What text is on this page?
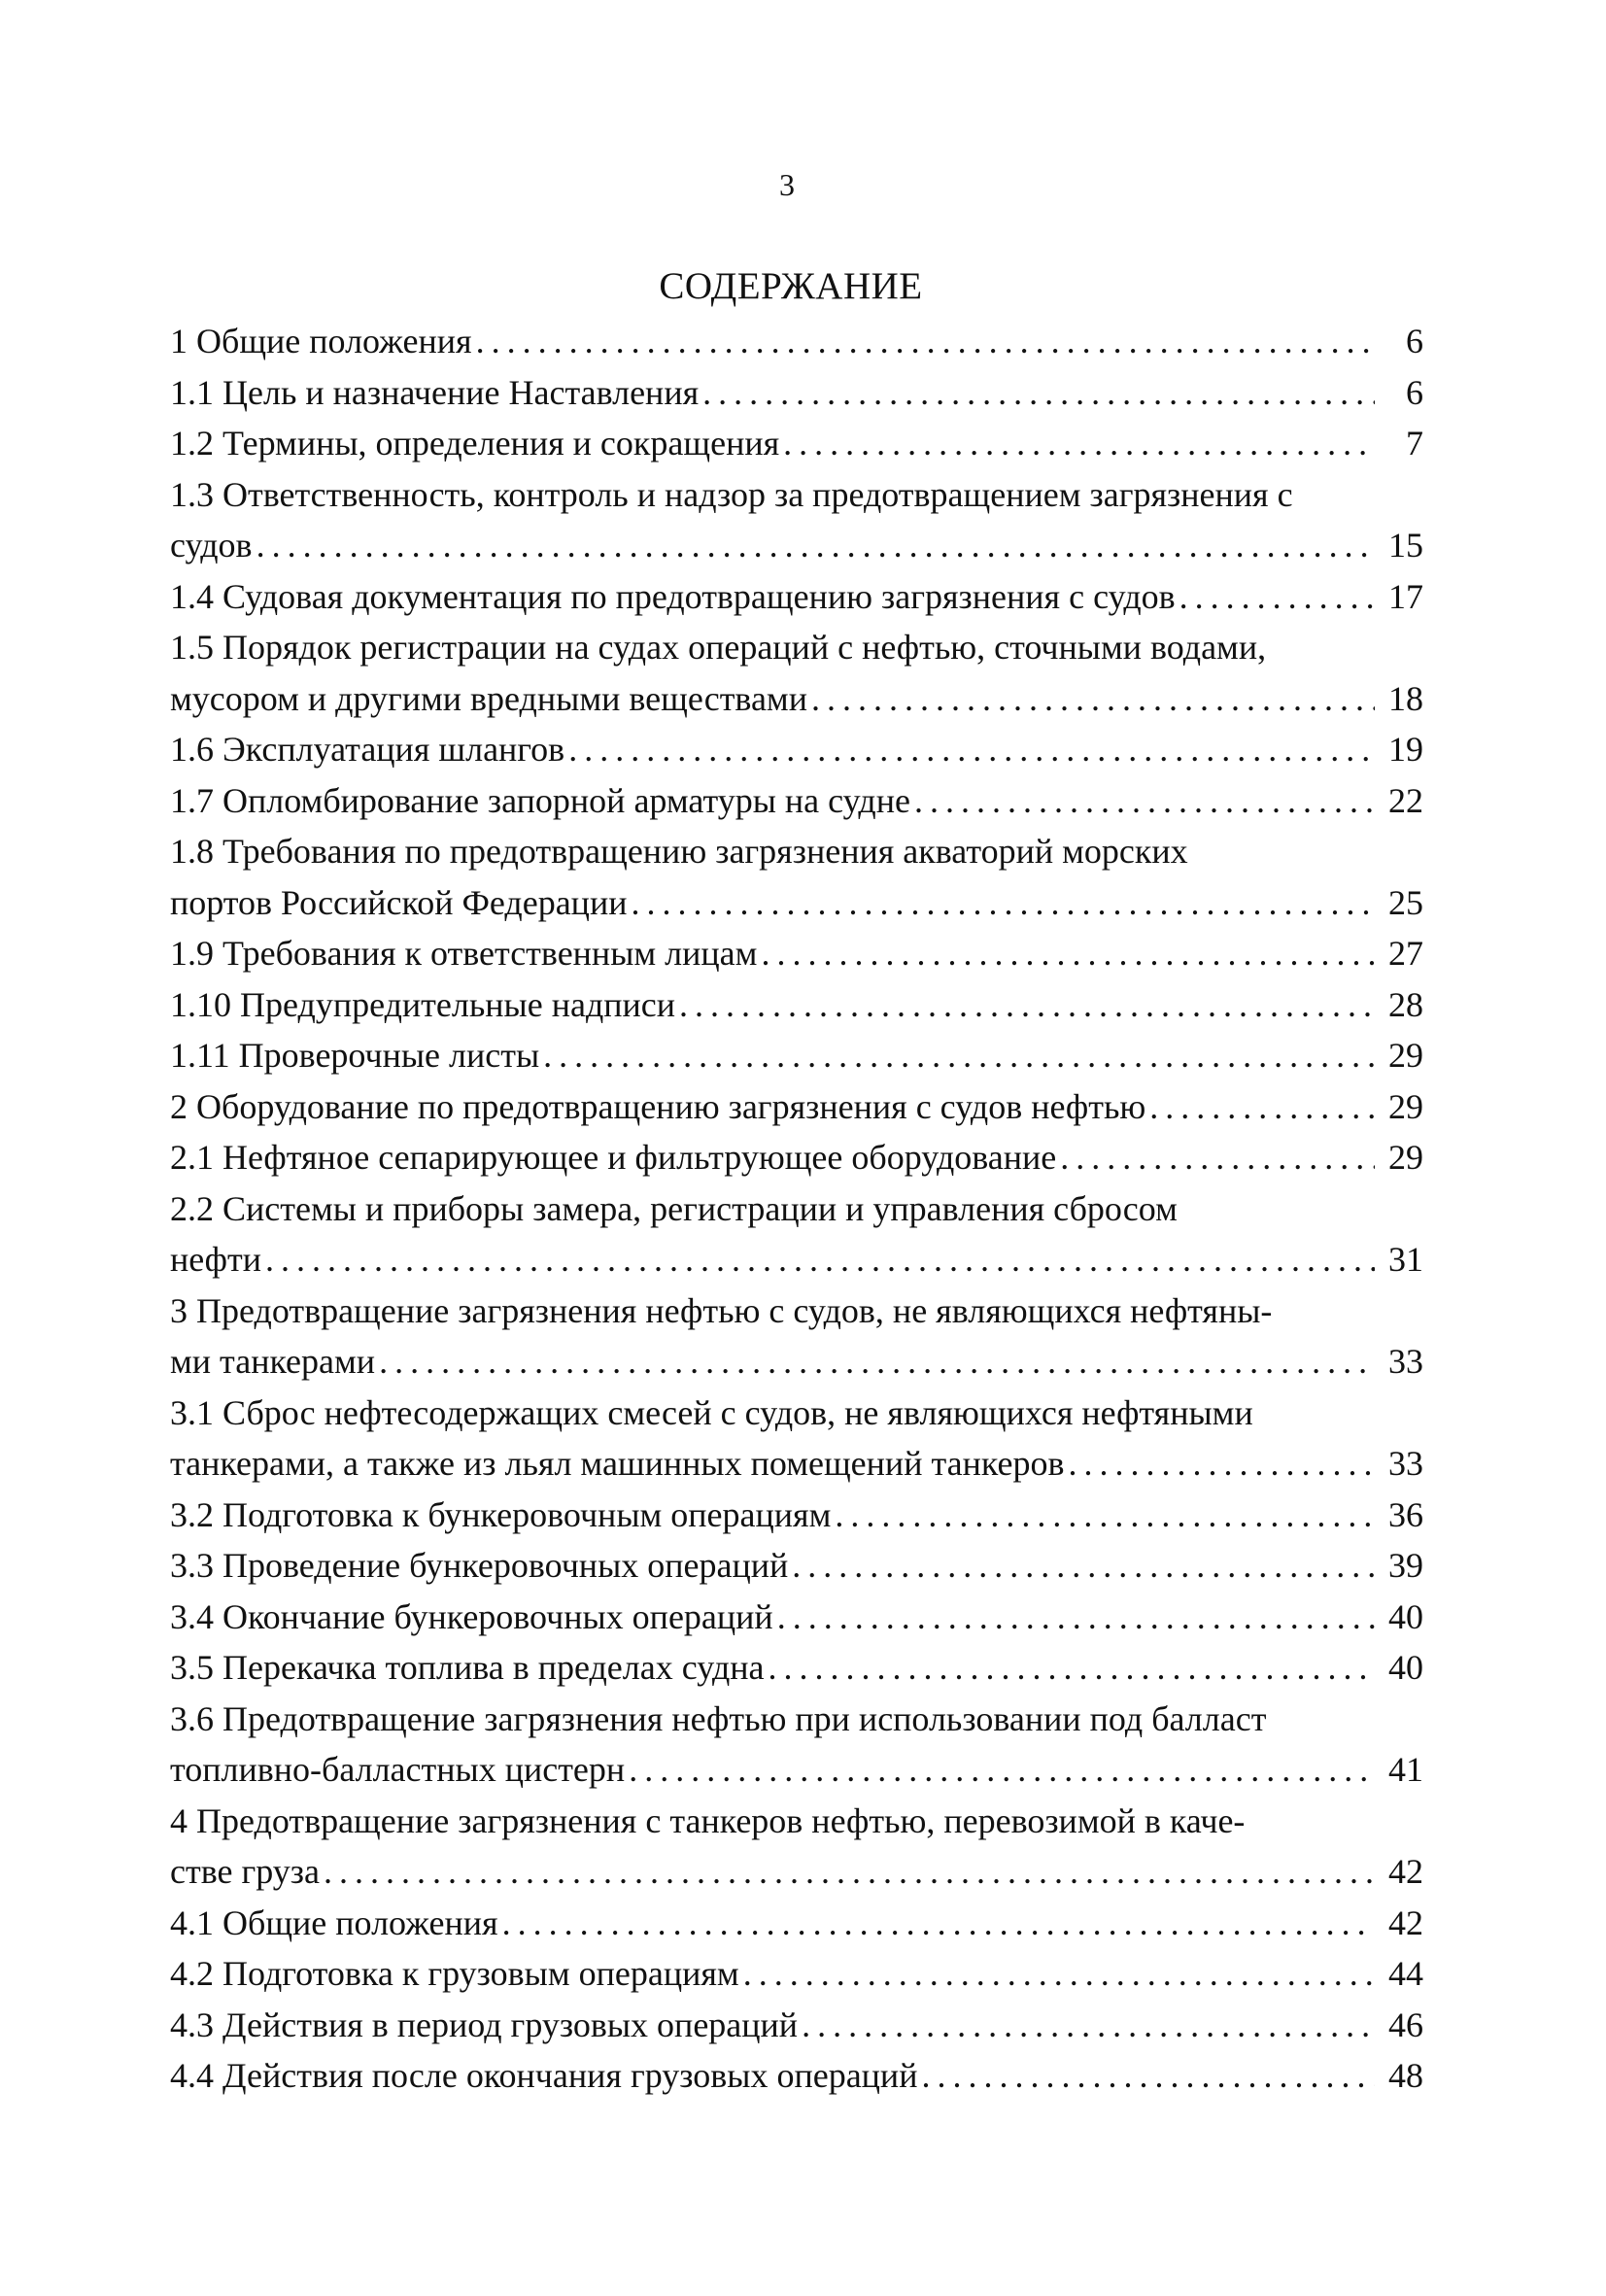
3
СОДЕРЖАНИЕ
1 Общие положения . . .	6
1.1 Цель и назначение Наставления . . .	6
1.2 Термины, определения и сокращения . . .	7
1.3 Ответственность, контроль и надзор за предотвращением загрязнения с
судов . . .	15
1.4 Судовая документация по предотвращению загрязнения с судов . . .	17
1.5 Порядок регистрации на судах операций с нефтью, сточными водами,
мусором и другими вредными веществами . . .	18
1.6 Эксплуатация шлангов . . .	19
1.7 Опломбирование запорной арматуры на судне . . .	22
1.8 Требования по предотвращению загрязнения акваторий морских
портов Российской Федерации . . .	25
1.9 Требования к ответственным лицам . . .	27
1.10 Предупредительные надписи . . .	28
1.11 Проверочные листы . . .	29
2 Оборудование по предотвращению загрязнения с судов нефтью . . .	29
2.1 Нефтяное сепарирующее и фильтрующее оборудование . . .	29
2.2 Системы и приборы замера, регистрации и управления сбросом
нефти . . .	31
3 Предотвращение загрязнения нефтью с судов, не являющихся нефтяны-
ми танкерами . . .	33
3.1 Сброс нефтесодержащих смесей с судов, не являющихся нефтяными
танкерами, а также из льял машинных помещений танкеров . . .	33
3.2 Подготовка к бункеровочным операциям . . .	36
3.3 Проведение бункеровочных операций . . .	39
3.4 Окончание бункеровочных операций . . .	40
3.5 Перекачка топлива в пределах судна . . .	40
3.6 Предотвращение загрязнения нефтью при использовании под балласт
топливно-балластных цистерн . . .	41
4 Предотвращение загрязнения с танкеров нефтью, перевозимой в каче-
стве груза . . .	42
4.1 Общие положения . . .	42
4.2 Подготовка к грузовым операциям . . .	44
4.3 Действия в период грузовых операций . . .	46
4.4 Действия после окончания грузовых операций . . .	48
